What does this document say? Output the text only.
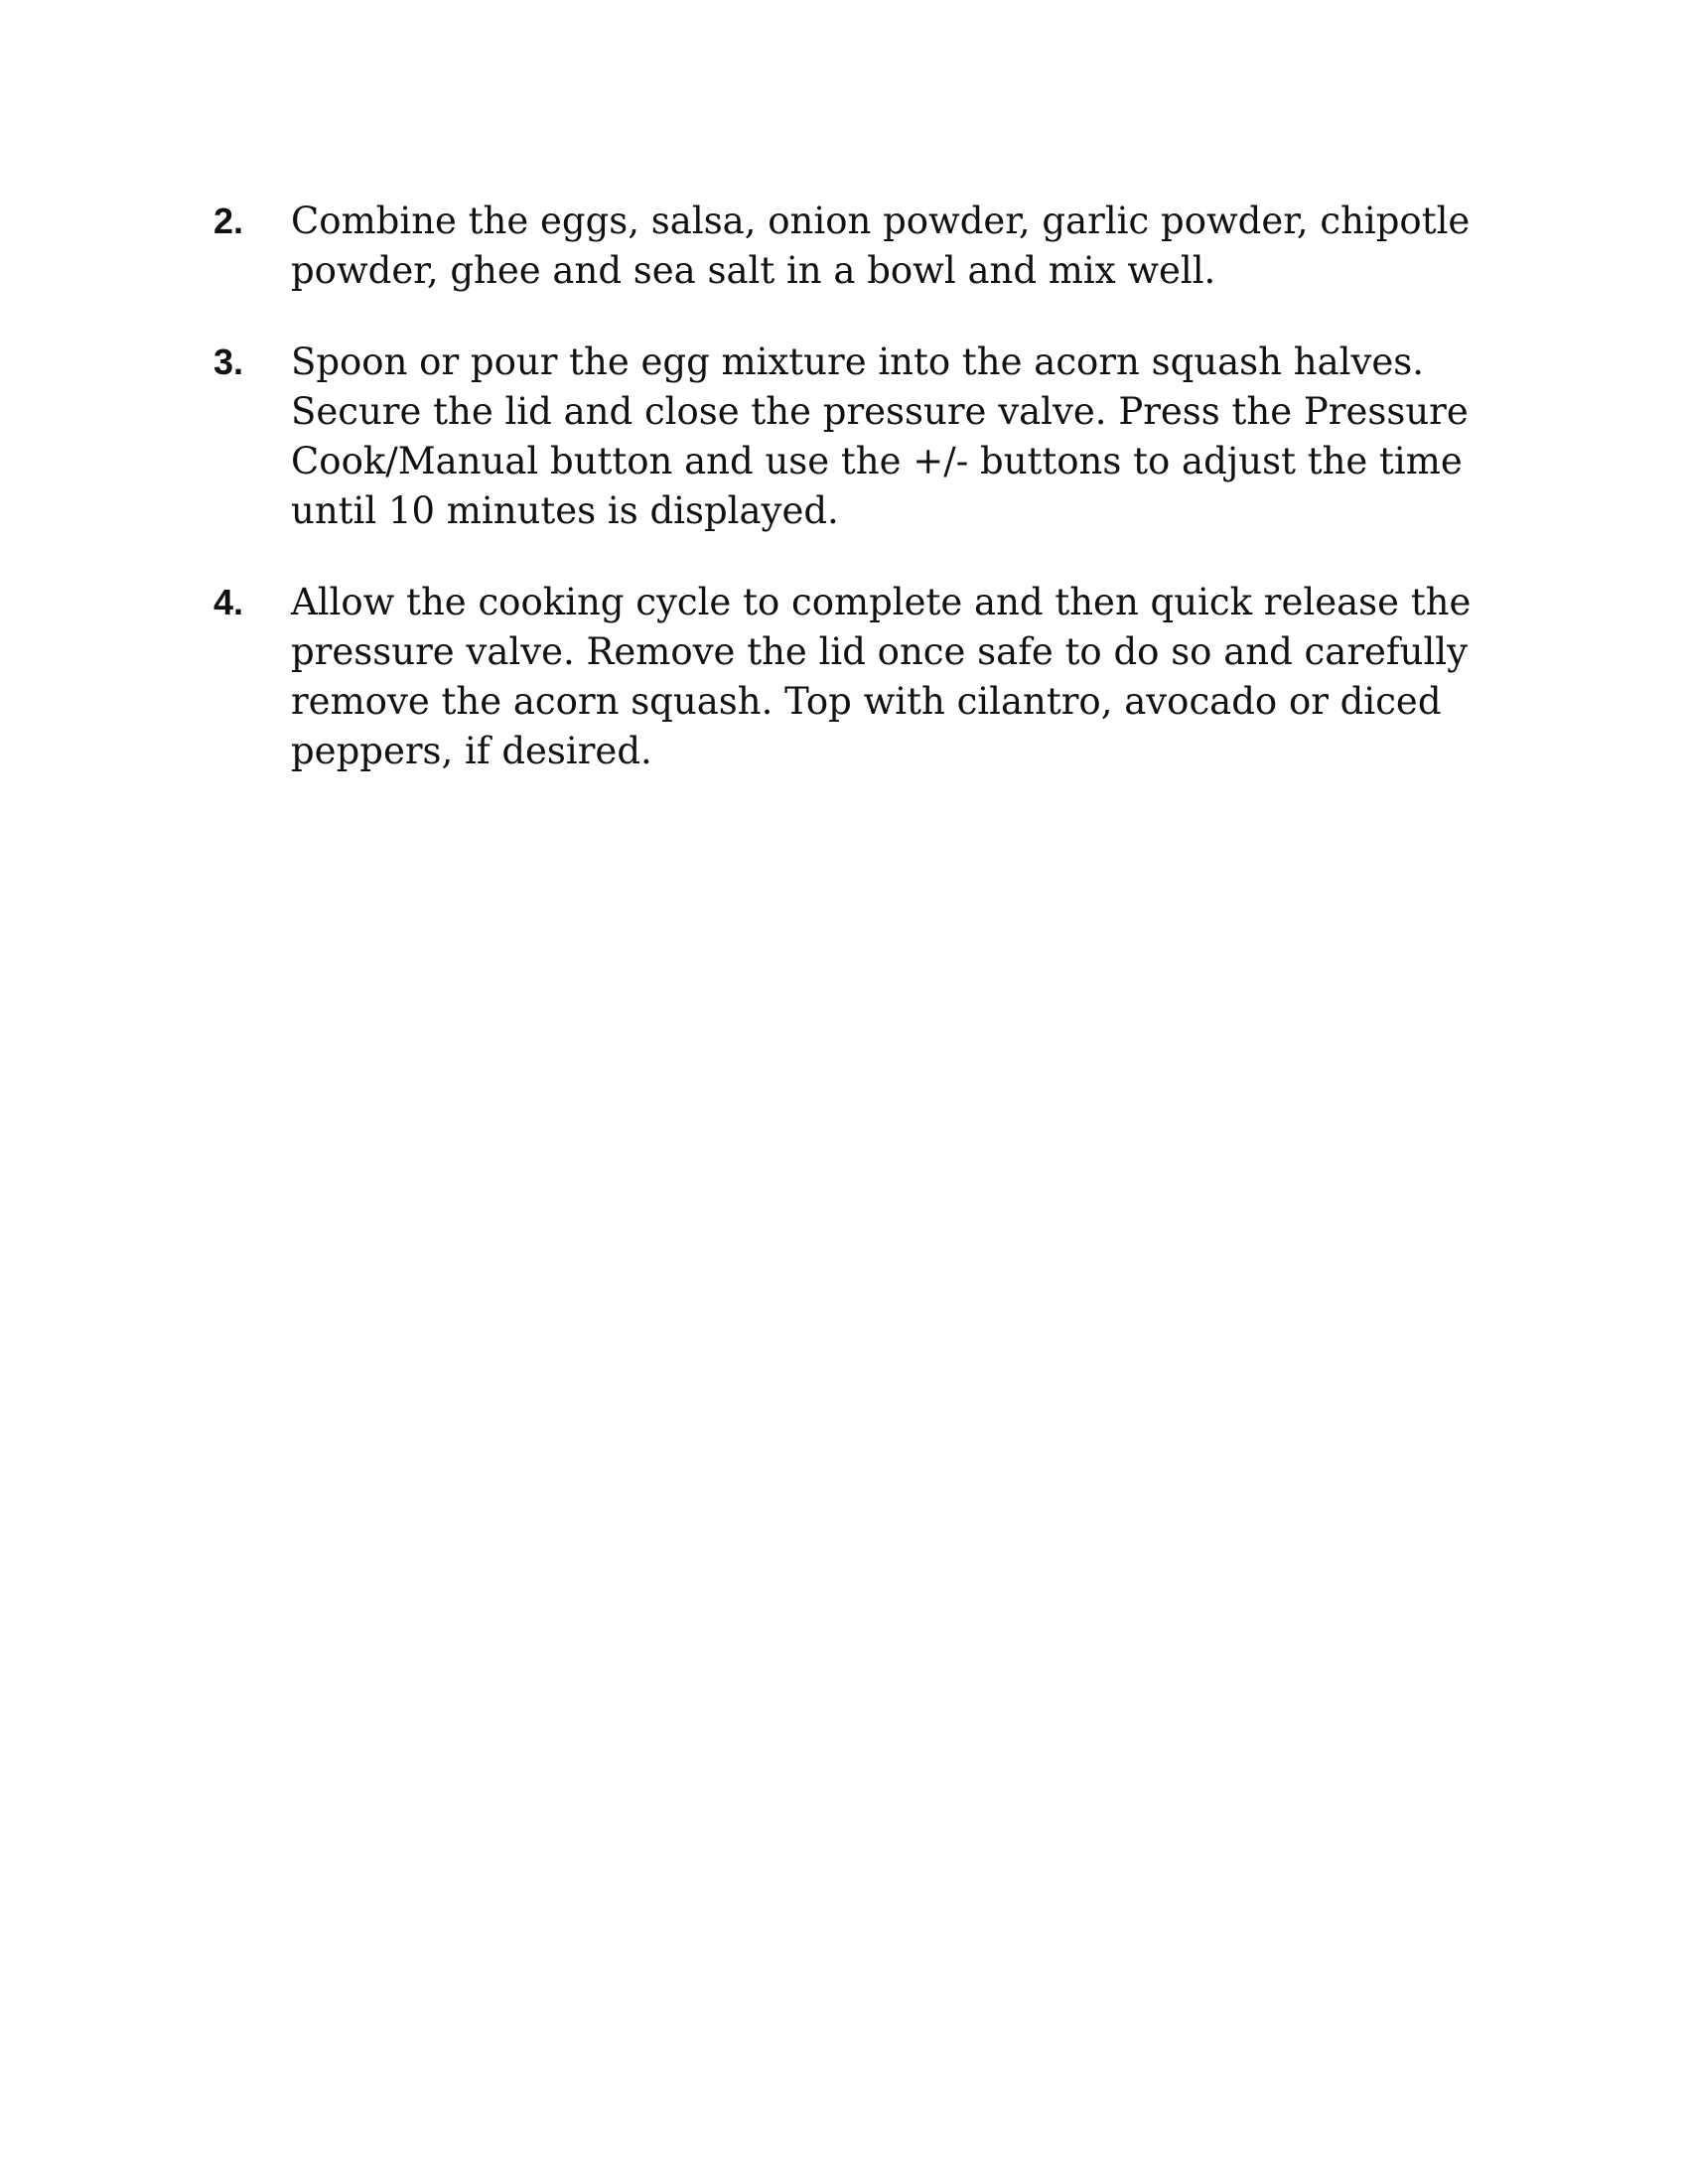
2.	Combine the eggs, salsa, onion powder, garlic powder, chipotle
powder, ghee and sea salt in a bowl and mix well.
3.	Spoon or pour the egg mixture into the acorn squash halves.
Secure the lid and close the pressure valve. Press the Pressure
Cook/Manual button and use the +/- buttons to adjust the time
until 10 minutes is displayed.
4.	Allow the cooking cycle to complete and then quick release the
pressure valve. Remove the lid once safe to do so and carefully
remove the acorn squash. Top with cilantro, avocado or diced
peppers, if desired.
